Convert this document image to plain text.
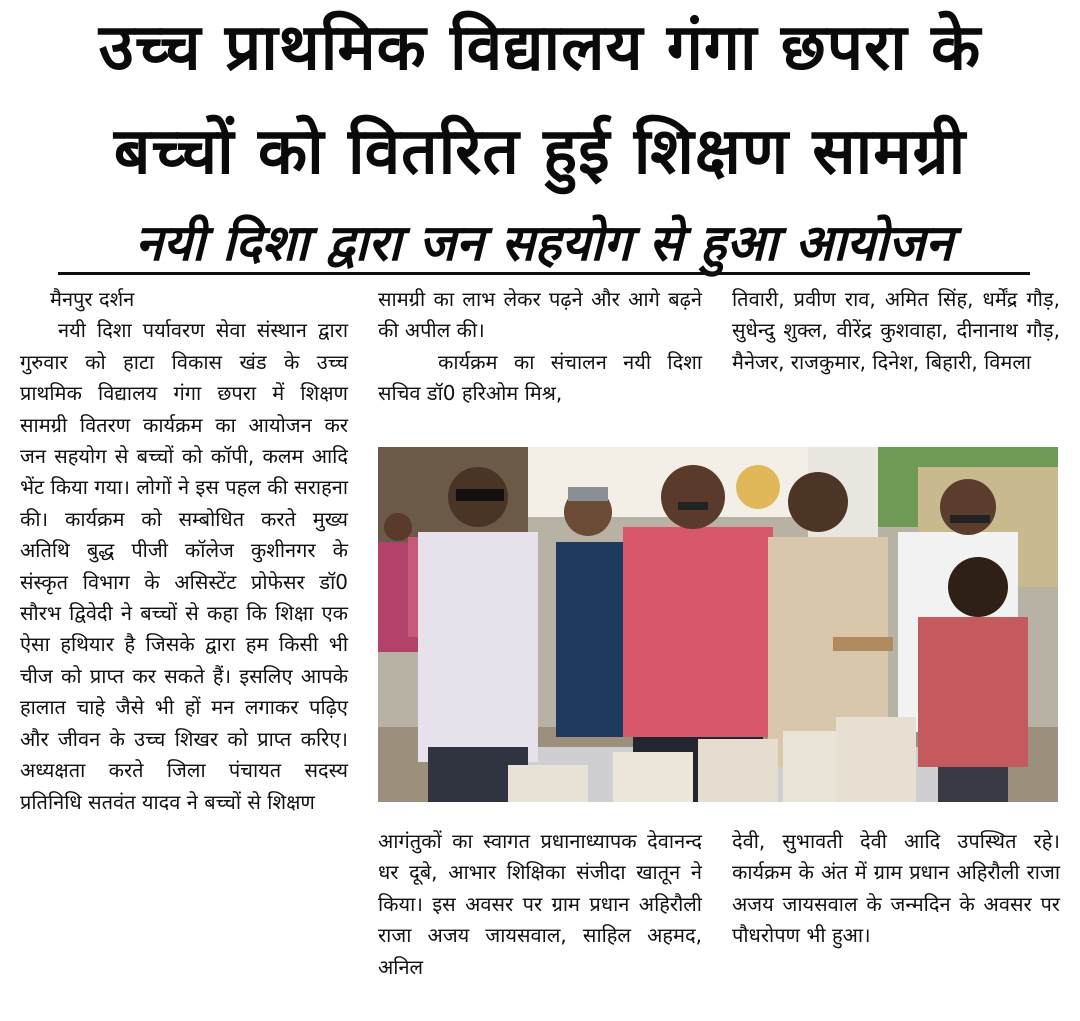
उच्च प्राथमिक विद्यालय गंगा छपरा के
बच्चों को वितरित हुई शिक्षण सामग्री
नयी दिशा द्वारा जन सहयोग से हुआ आयोजन

मैनपुर दर्शन

नयी दिशा पर्यावरण सेवा संस्थान द्वारा गुरुवार को हाटा विकास खंड के उच्च प्राथमिक विद्यालय गंगा छपरा में शिक्षण सामग्री वितरण कार्यक्रम का आयोजन कर जन सहयोग से बच्चों को कॉपी, कलम आदि भेंट किया गया। लोगों ने इस पहल की सराहना की। कार्यक्रम को सम्बोधित करते मुख्य अतिथि बुद्ध पीजी कॉलेज कुशीनगर के संस्कृत विभाग के असिस्टेंट प्रोफेसर डॉ0 सौरभ द्विवेदी ने बच्चों से कहा कि शिक्षा एक ऐसा हथियार है जिसके द्वारा हम किसी भी चीज को प्राप्त कर सकते हैं। इसलिए आपके हालात चाहे जैसे भी हों मन लगाकर पढ़िए और जीवन के उच्च शिखर को प्राप्त करिए। अध्यक्षता करते जिला पंचायत सदस्य प्रतिनिधि सतवंत यादव ने बच्चों से शिक्षण

सामग्री का लाभ लेकर पढ़ने और आगे बढ़ने की अपील की।

कार्यक्रम का संचालन नयी दिशा सचिव डॉ0 हरिओम मिश्र,

तिवारी, प्रवीण राव, अमित सिंह, धर्मेंद्र गौड़, सुधेन्दु शुक्ल, वीरेंद्र कुशवाहा, दीनानाथ गौड़, मैनेजर, राजकुमार, दिनेश, बिहारी, विमला

आगंतुकों का स्वागत प्रधानाध्यापक देवानन्द धर दूबे, आभार शिक्षिका संजीदा खातून ने किया। इस अवसर पर ग्राम प्रधान अहिरौली राजा अजय जायसवाल, साहिल अहमद, अनिल

देवी, सुभावती देवी आदि उपस्थित रहे। कार्यक्रम के अंत में ग्राम प्रधान अहिरौली राजा अजय जायसवाल के जन्मदिन के अवसर पर पौधरोपण भी हुआ।
